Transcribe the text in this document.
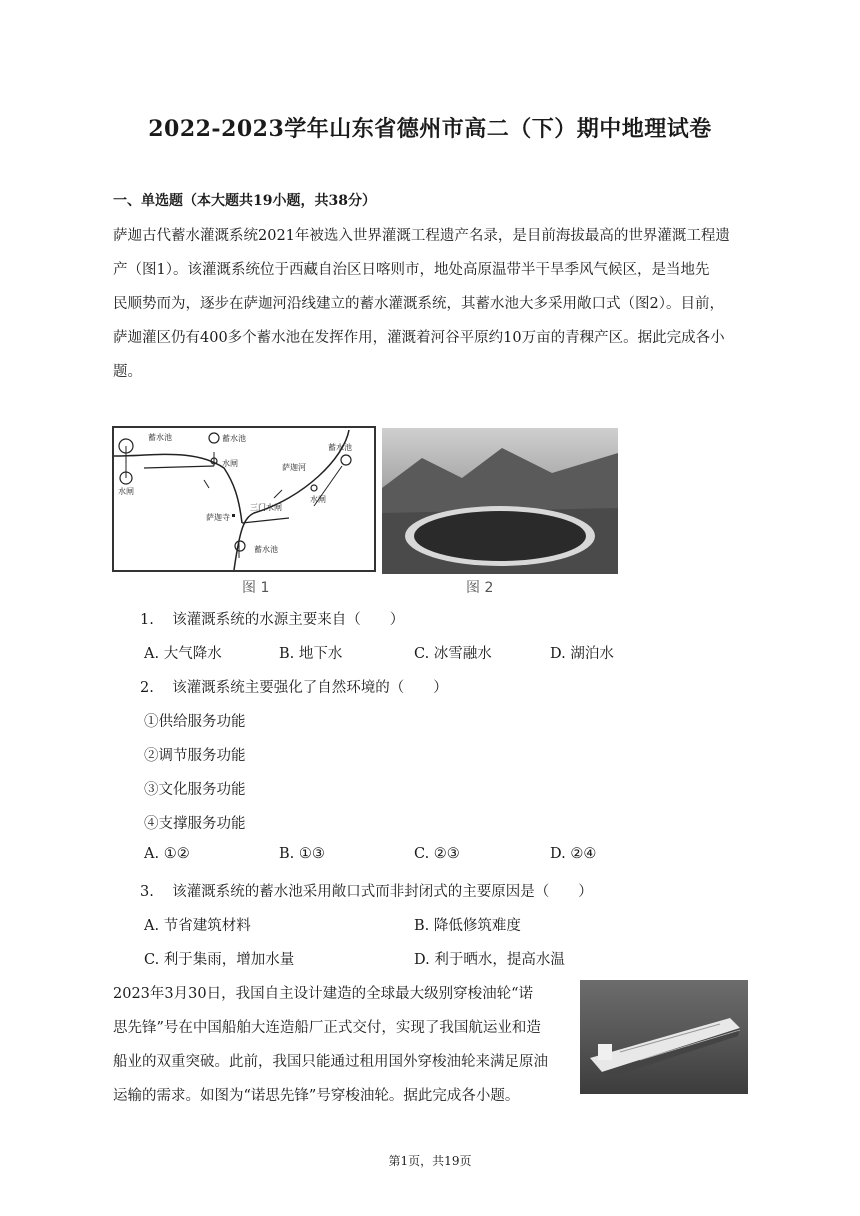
2022-2023学年山东省德州市高二（下）期中地理试卷
一、单选题（本大题共19小题，共38分）
萨迦古代蓄水灌溉系统2021年被选入世界灌溉工程遗产名录，是目前海拔最高的世界灌溉工程遗
产（图1）。该灌溉系统位于西藏自治区日喀则市，地处高原温带半干旱季风气候区，是当地先
民顺势而为，逐步在萨迦河沿线建立的蓄水灌溉系统，其蓄水池大多采用敞口式（图2）。目前，
萨迦灌区仍有400多个蓄水池在发挥作用，灌溉着河谷平原约10万亩的青稞产区。据此完成各小
题。
蓄水池
水闸
蓄水池
水闸	萨迦河
蓄水池
水闸
萨迦寺
三门水闸
蓄水池
图 1	图 2
1. 该灌溉系统的水源主要来自（　　）
A. 大气降水	B. 地下水	C. 冰雪融水	D. 湖泊水
2. 该灌溉系统主要强化了自然环境的（　　）
①供给服务功能
②调节服务功能
③文化服务功能
④支撑服务功能
A. ①②	B. ①③	C. ②③	D. ②④
3. 该灌溉系统的蓄水池采用敞口式而非封闭式的主要原因是（　　）
A. 节省建筑材料	B. 降低修筑难度
C. 利于集雨，增加水量	D. 利于晒水，提高水温
2023年3月30日，我国自主设计建造的全球最大级别穿梭油轮“诺
思先锋”号在中国船舶大连造船厂正式交付，实现了我国航运业和造
船业的双重突破。此前，我国只能通过租用国外穿梭油轮来满足原油
运输的需求。如图为“诺思先锋”号穿梭油轮。据此完成各小题。
第1页，共19页
